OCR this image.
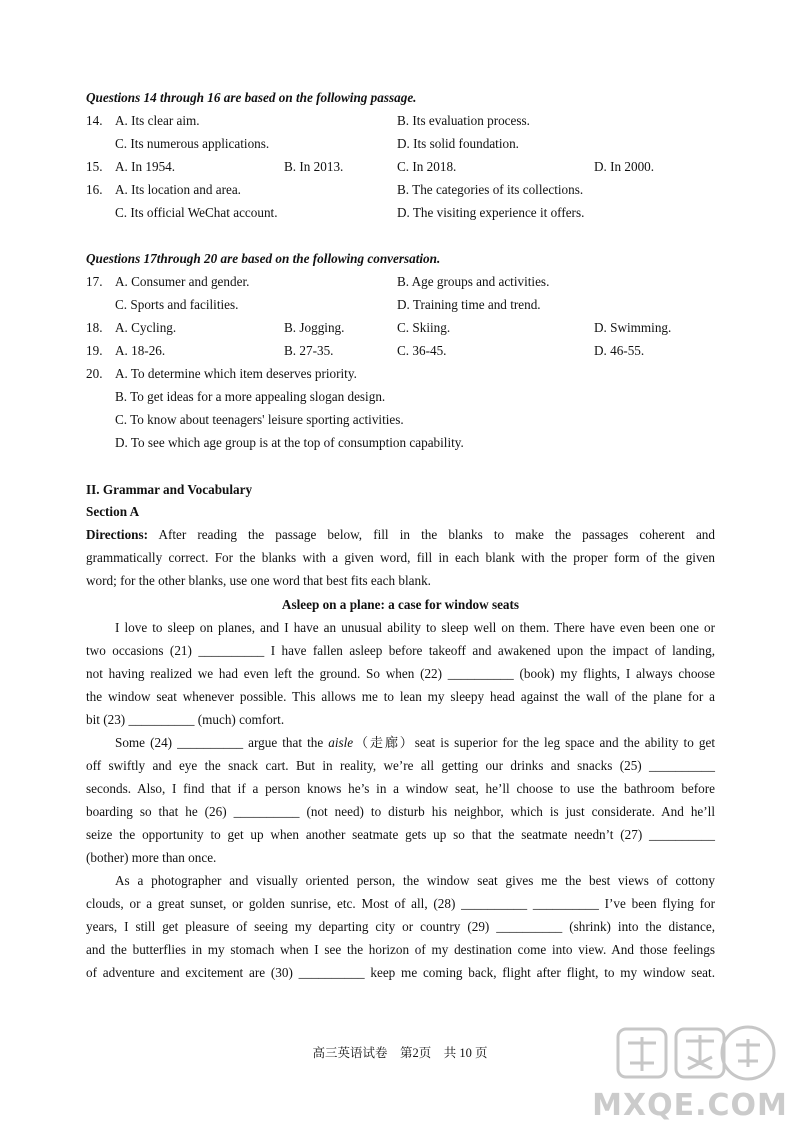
Questions 14 through 16 are based on the following passage.
14. A. Its clear aim.	B. Its evaluation process.
C. Its numerous applications.	D. Its solid foundation.
15. A. In 1954.	B. In 2013.	C. In 2018.	D. In 2000.
16. A. Its location and area.	B. The categories of its collections.
C. Its official WeChat account.	D. The visiting experience it offers.
Questions 17through 20 are based on the following conversation.
17. A. Consumer and gender.	B. Age groups and activities.
C. Sports and facilities.	D. Training time and trend.
18. A. Cycling.	B. Jogging.	C. Skiing.	D. Swimming.
19. A. 18-26.	B. 27-35.	C. 36-45.	D. 46-55.
20. A. To determine which item deserves priority.
B. To get ideas for a more appealing slogan design.
C. To know about teenagers' leisure sporting activities.
D. To see which age group is at the top of consumption capability.
II. Grammar and Vocabulary
Section A
Directions: After reading the passage below, fill in the blanks to make the passages coherent and
grammatically correct. For the blanks with a given word, fill in each blank with the proper form of the given
word; for the other blanks, use one word that best fits each blank.
Asleep on a plane: a case for window seats
I love to sleep on planes, and I have an unusual ability to sleep well on them. There have even been one or
two occasions (21) __________ I have fallen asleep before takeoff and awakened upon the impact of landing,
not having realized we had even left the ground. So when (22) __________ (book) my flights, I always choose
the window seat whenever possible. This allows me to lean my sleepy head against the wall of the plane for a
bit (23) __________ (much) comfort.
Some (24) __________ argue that the aisle（走廊）seat is superior for the leg space and the ability to get
off swiftly and eye the snack cart. But in reality, we’re all getting our drinks and snacks (25) __________
seconds. Also, I find that if a person knows he’s in a window seat, he’ll choose to use the bathroom before
boarding so that he (26) __________ (not need) to disturb his neighbor, which is just considerate. And he’ll
seize the opportunity to get up when another seatmate gets up so that the seatmate needn’t (27) __________
(bother) more than once.
As a photographer and visually oriented person, the window seat gives me the best views of cottony
clouds, or a great sunset, or golden sunrise, etc. Most of all, (28) __________ __________ I’ve been flying for
years, I still get pleasure of seeing my departing city or country (29) __________ (shrink) into the distance,
and the butterflies in my stomach when I see the horizon of my destination come into view. And those feelings
of adventure and excitement are (30) __________ keep me coming back, flight after flight, to my window seat.
高三英语试卷    第2页    共 10 页
MXQE.COM
